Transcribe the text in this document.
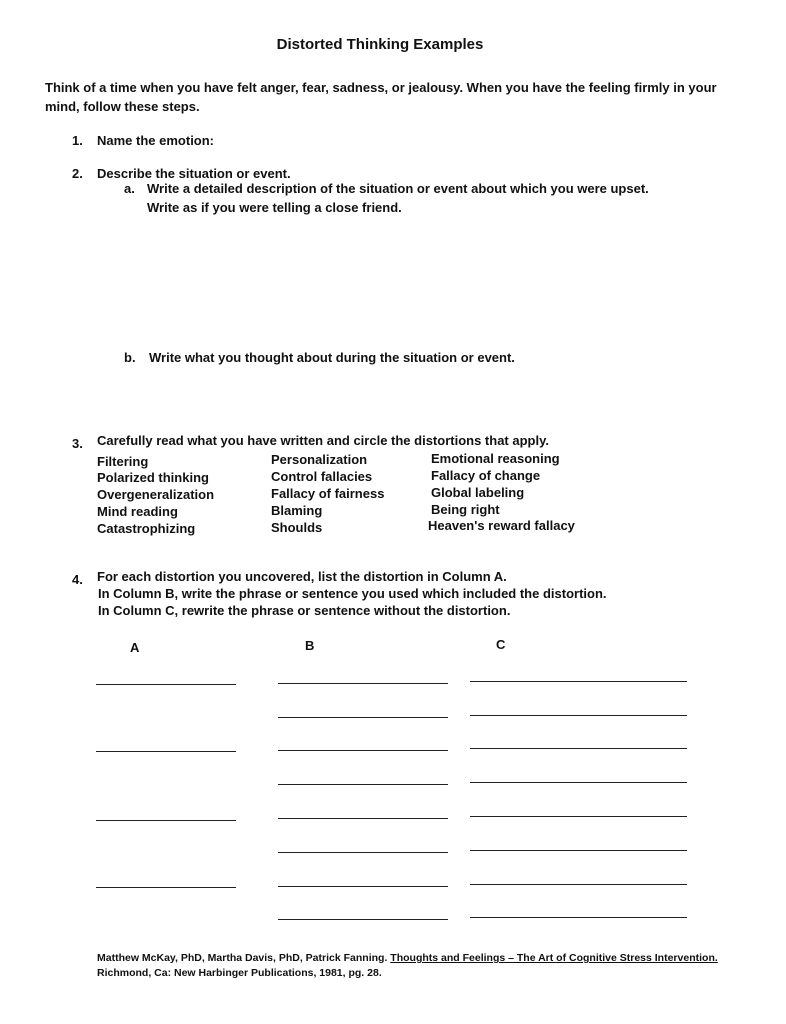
Distorted Thinking Examples
Think of a time when you have felt anger, fear, sadness, or jealousy. When you have the feeling firmly in your mind, follow these steps.
1. Name the emotion:
2. Describe the situation or event.
a. Write a detailed description of the situation or event about which you were upset.
Write as if you were telling a close friend.
b. Write what you thought about during the situation or event.
3. Carefully read what you have written and circle the distortions that apply.
Filtering
Polarized thinking
Overgeneralization
Mind reading
Catastrophizing
Personalization
Control fallacies
Fallacy of fairness
Blaming
Shoulds
Emotional reasoning
Fallacy of change
Global labeling
Being right
Heaven's reward fallacy
4. For each distortion you uncovered, list the distortion in Column A.
In Column B, write the phrase or sentence you used which included the distortion.
In Column C, rewrite the phrase or sentence without the distortion.
A	B	C
Matthew McKay, PhD, Martha Davis, PhD, Patrick Fanning. Thoughts and Feelings – The Art of Cognitive Stress Intervention. Richmond, Ca: New Harbinger Publications, 1981, pg. 28.
